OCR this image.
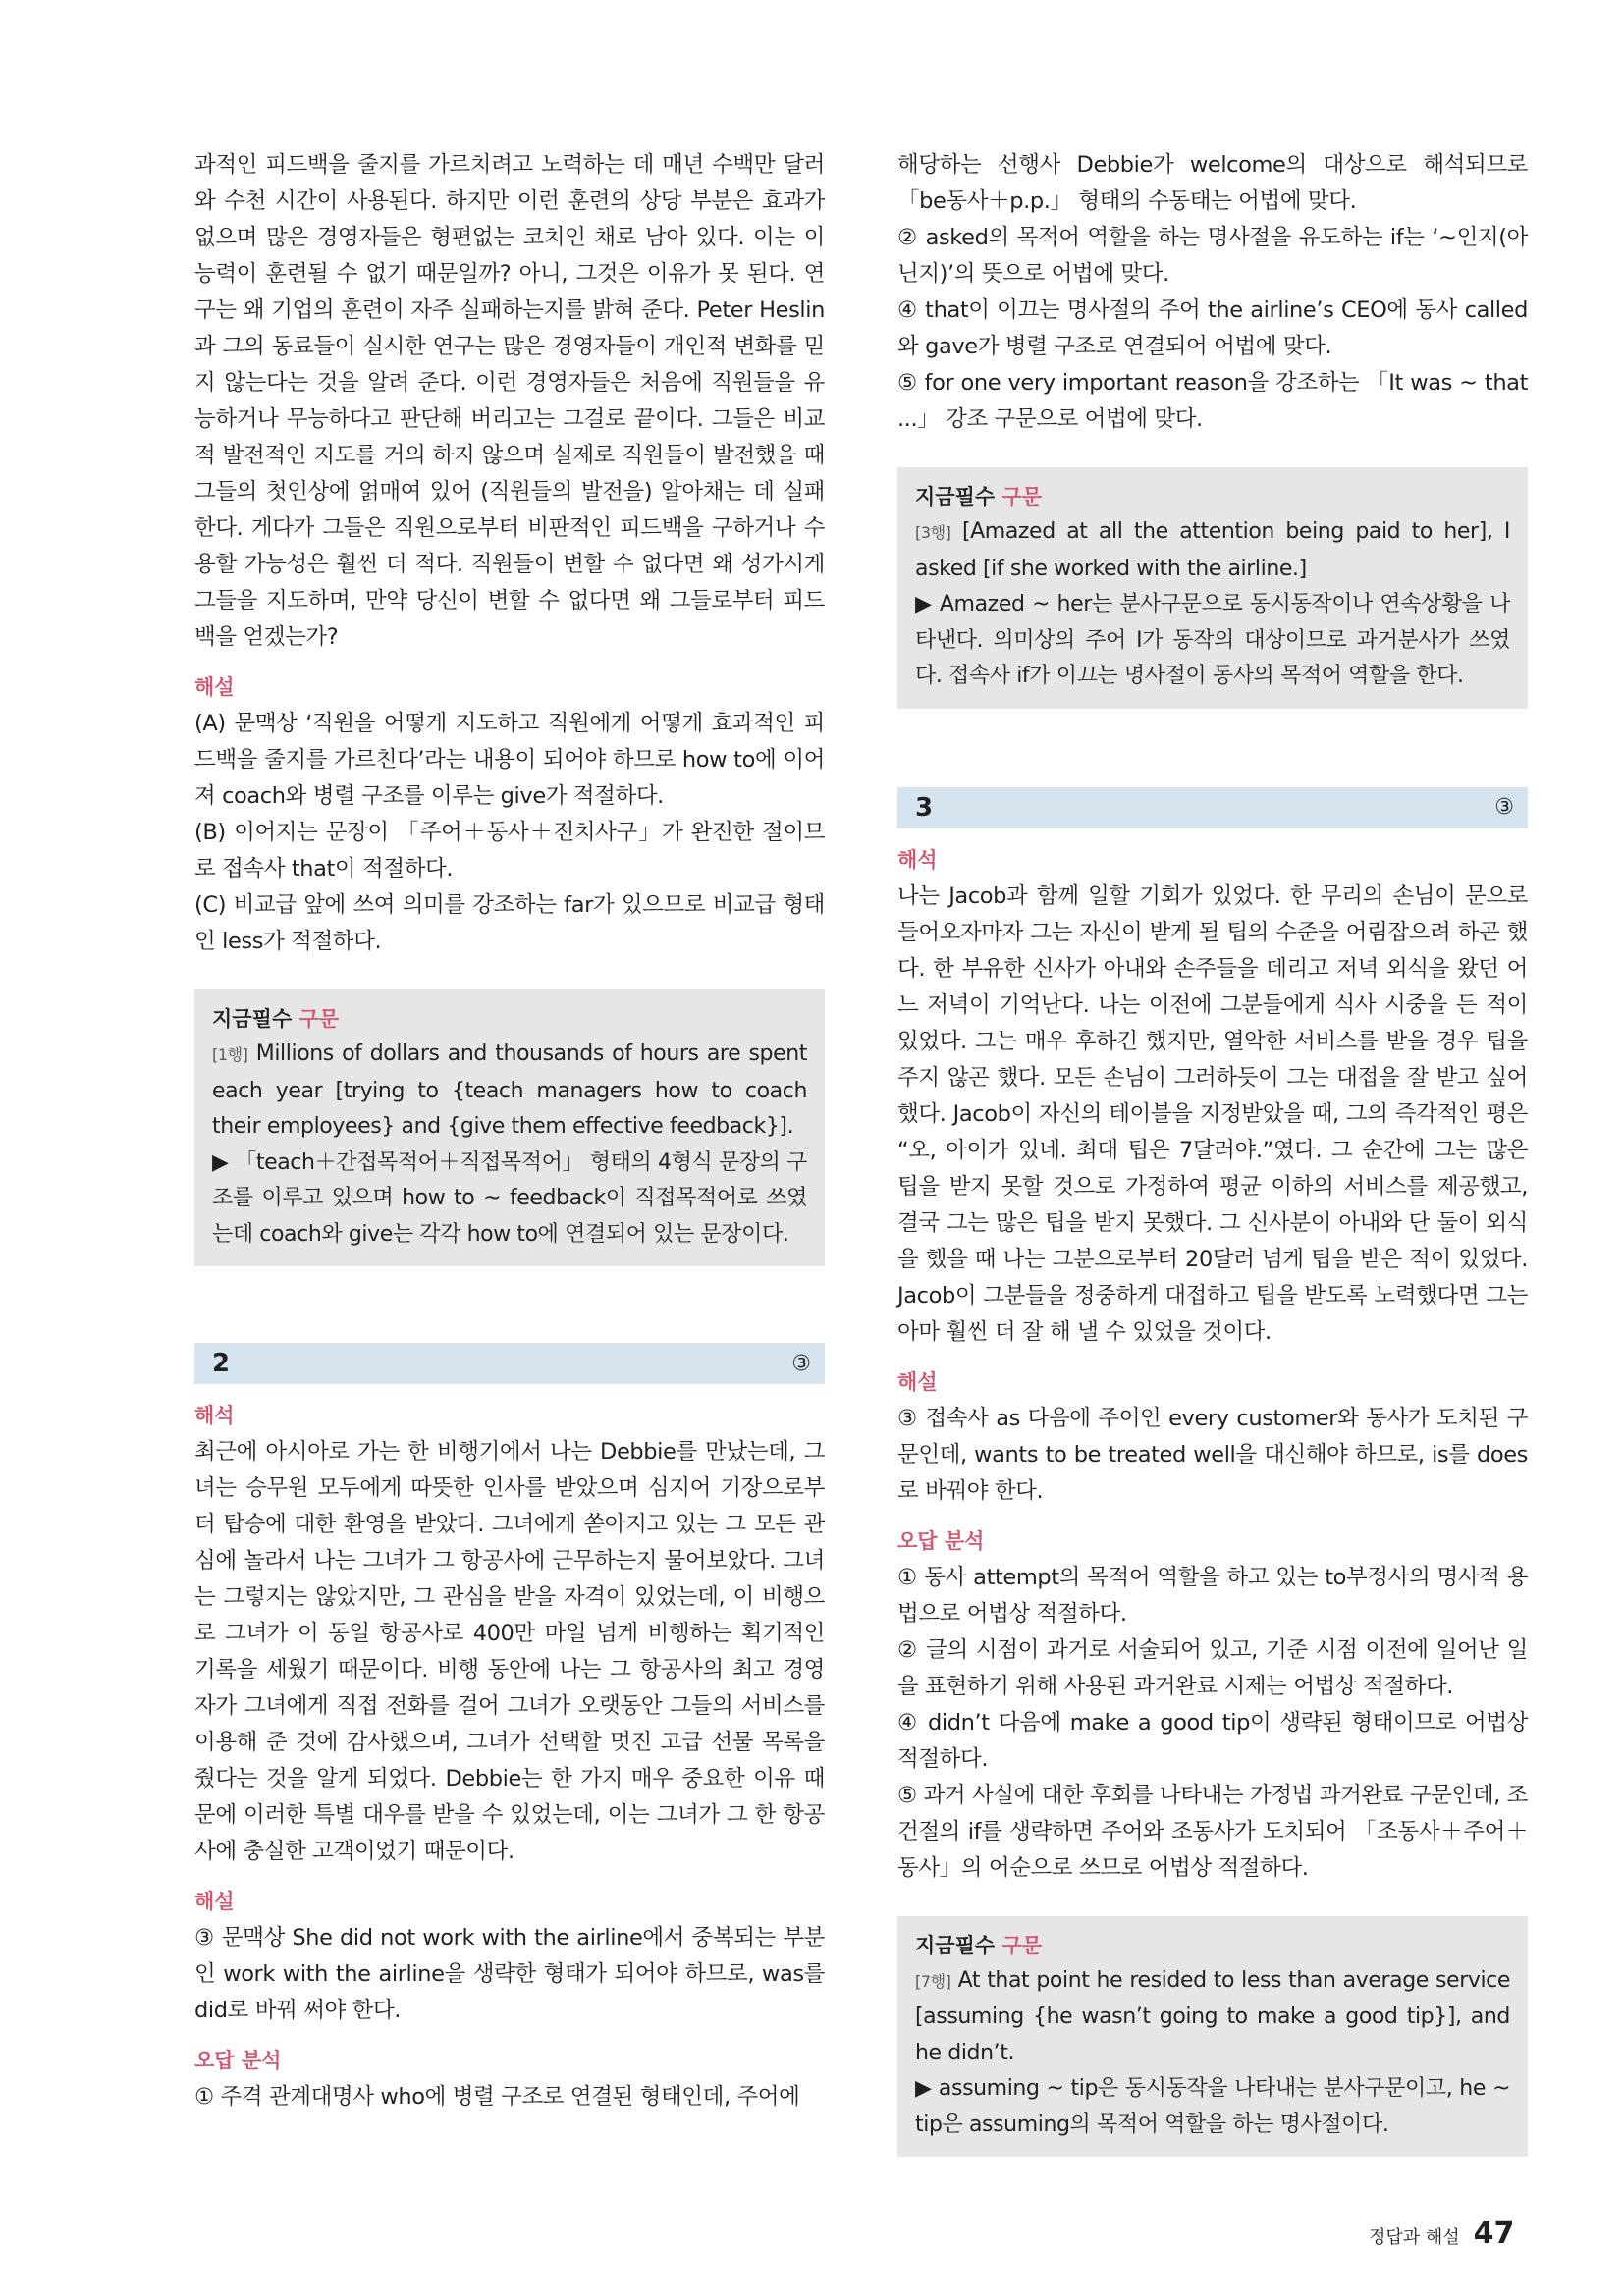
과적인 피드백을 줄지를 가르치려고 노력하는 데 매년 수백만 달러와 수천 시간이 사용된다. 하지만 이런 훈련의 상당 부분은 효과가 없으며 많은 경영자들은 형편없는 코치인 채로 남아 있다. 이는 이 능력이 훈련될 수 없기 때문일까? 아니, 그것은 이유가 못 된다. 연구는 왜 기업의 훈련이 자주 실패하는지를 밝혀 준다. Peter Heslin과 그의 동료들이 실시한 연구는 많은 경영자들이 개인적 변화를 믿지 않는다는 것을 알려 준다. 이런 경영자들은 처음에 직원들을 유능하거나 무능하다고 판단해 버리고는 그걸로 끝이다. 그들은 비교적 발전적인 지도를 거의 하지 않으며 실제로 직원들이 발전했을 때 그들의 첫인상에 얽매여 있어 (직원들의 발전을) 알아채는 데 실패한다. 게다가 그들은 직원으로부터 비판적인 피드백을 구하거나 수용할 가능성은 훨씬 더 적다. 직원들이 변할 수 없다면 왜 성가시게 그들을 지도하며, 만약 당신이 변할 수 없다면 왜 그들로부터 피드백을 얻겠는가?

해설

(A) 문맥상 ‘직원을 어떻게 지도하고 직원에게 어떻게 효과적인 피드백을 줄지를 가르친다’라는 내용이 되어야 하므로 how to에 이어져 coach와 병렬 구조를 이루는 give가 적절하다.

(B) 이어지는 문장이 「주어＋동사＋전치사구」가 완전한 절이므로 접속사 that이 적절하다.

(C) 비교급 앞에 쓰여 의미를 강조하는 far가 있으므로 비교급 형태인 less가 적절하다.

지금필수 구문

[1행] Millions of dollars and thousands of hours are spent each year [trying to {teach managers how to coach their employees} and {give them effective feedback}].

▶ 「teach＋간접목적어＋직접목적어」 형태의 4형식 문장의 구조를 이루고 있으며 how to ~ feedback이 직접목적어로 쓰였는데 coach와 give는 각각 how to에 연결되어 있는 문장이다.

2	③

해석

최근에 아시아로 가는 한 비행기에서 나는 Debbie를 만났는데, 그녀는 승무원 모두에게 따뜻한 인사를 받았으며 심지어 기장으로부터 탑승에 대한 환영을 받았다. 그녀에게 쏟아지고 있는 그 모든 관심에 놀라서 나는 그녀가 그 항공사에 근무하는지 물어보았다. 그녀는 그렇지는 않았지만, 그 관심을 받을 자격이 있었는데, 이 비행으로 그녀가 이 동일 항공사로 400만 마일 넘게 비행하는 획기적인 기록을 세웠기 때문이다. 비행 동안에 나는 그 항공사의 최고 경영자가 그녀에게 직접 전화를 걸어 그녀가 오랫동안 그들의 서비스를 이용해 준 것에 감사했으며, 그녀가 선택할 멋진 고급 선물 목록을 줬다는 것을 알게 되었다. Debbie는 한 가지 매우 중요한 이유 때문에 이러한 특별 대우를 받을 수 있었는데, 이는 그녀가 그 한 항공사에 충실한 고객이었기 때문이다.

해설

③ 문맥상 She did not work with the airline에서 중복되는 부분인 work with the airline을 생략한 형태가 되어야 하므로, was를 did로 바꿔 써야 한다.

오답 분석

① 주격 관계대명사 who에 병렬 구조로 연결된 형태인데, 주어에

해당하는 선행사 Debbie가 welcome의 대상으로 해석되므로 「be동사＋p.p.」 형태의 수동태는 어법에 맞다.

② asked의 목적어 역할을 하는 명사절을 유도하는 if는 ‘~인지(아닌지)’의 뜻으로 어법에 맞다.

④ that이 이끄는 명사절의 주어 the airline’s CEO에 동사 called와 gave가 병렬 구조로 연결되어 어법에 맞다.

⑤ for one very important reason을 강조하는 「It was ~ that ...」 강조 구문으로 어법에 맞다.

지금필수 구문

[3행] [Amazed at all the attention being paid to her], I asked [if she worked with the airline.]

▶ Amazed ~ her는 분사구문으로 동시동작이나 연속상황을 나타낸다. 의미상의 주어 I가 동작의 대상이므로 과거분사가 쓰였다. 접속사 if가 이끄는 명사절이 동사의 목적어 역할을 한다.

3	③

해석

나는 Jacob과 함께 일할 기회가 있었다. 한 무리의 손님이 문으로 들어오자마자 그는 자신이 받게 될 팁의 수준을 어림잡으려 하곤 했다. 한 부유한 신사가 아내와 손주들을 데리고 저녁 외식을 왔던 어느 저녁이 기억난다. 나는 이전에 그분들에게 식사 시중을 든 적이 있었다. 그는 매우 후하긴 했지만, 열악한 서비스를 받을 경우 팁을 주지 않곤 했다. 모든 손님이 그러하듯이 그는 대접을 잘 받고 싶어 했다. Jacob이 자신의 테이블을 지정받았을 때, 그의 즉각적인 평은 “오, 아이가 있네. 최대 팁은 7달러야.”였다. 그 순간에 그는 많은 팁을 받지 못할 것으로 가정하여 평균 이하의 서비스를 제공했고, 결국 그는 많은 팁을 받지 못했다. 그 신사분이 아내와 단 둘이 외식을 했을 때 나는 그분으로부터 20달러 넘게 팁을 받은 적이 있었다. Jacob이 그분들을 정중하게 대접하고 팁을 받도록 노력했다면 그는 아마 훨씬 더 잘 해 낼 수 있었을 것이다.

해설

③ 접속사 as 다음에 주어인 every customer와 동사가 도치된 구문인데, wants to be treated well을 대신해야 하므로, is를 does로 바꿔야 한다.

오답 분석

① 동사 attempt의 목적어 역할을 하고 있는 to부정사의 명사적 용법으로 어법상 적절하다.

② 글의 시점이 과거로 서술되어 있고, 기준 시점 이전에 일어난 일을 표현하기 위해 사용된 과거완료 시제는 어법상 적절하다.

④ didn’t 다음에 make a good tip이 생략된 형태이므로 어법상 적절하다.

⑤ 과거 사실에 대한 후회를 나타내는 가정법 과거완료 구문인데, 조건절의 if를 생략하면 주어와 조동사가 도치되어 「조동사＋주어＋동사」의 어순으로 쓰므로 어법상 적절하다.

지금필수 구문

[7행] At that point he resided to less than average service [assuming {he wasn’t going to make a good tip}], and he didn’t.

▶ assuming ~ tip은 동시동작을 나타내는 분사구문이고, he ~ tip은 assuming의 목적어 역할을 하는 명사절이다.

정답과 해설 47
